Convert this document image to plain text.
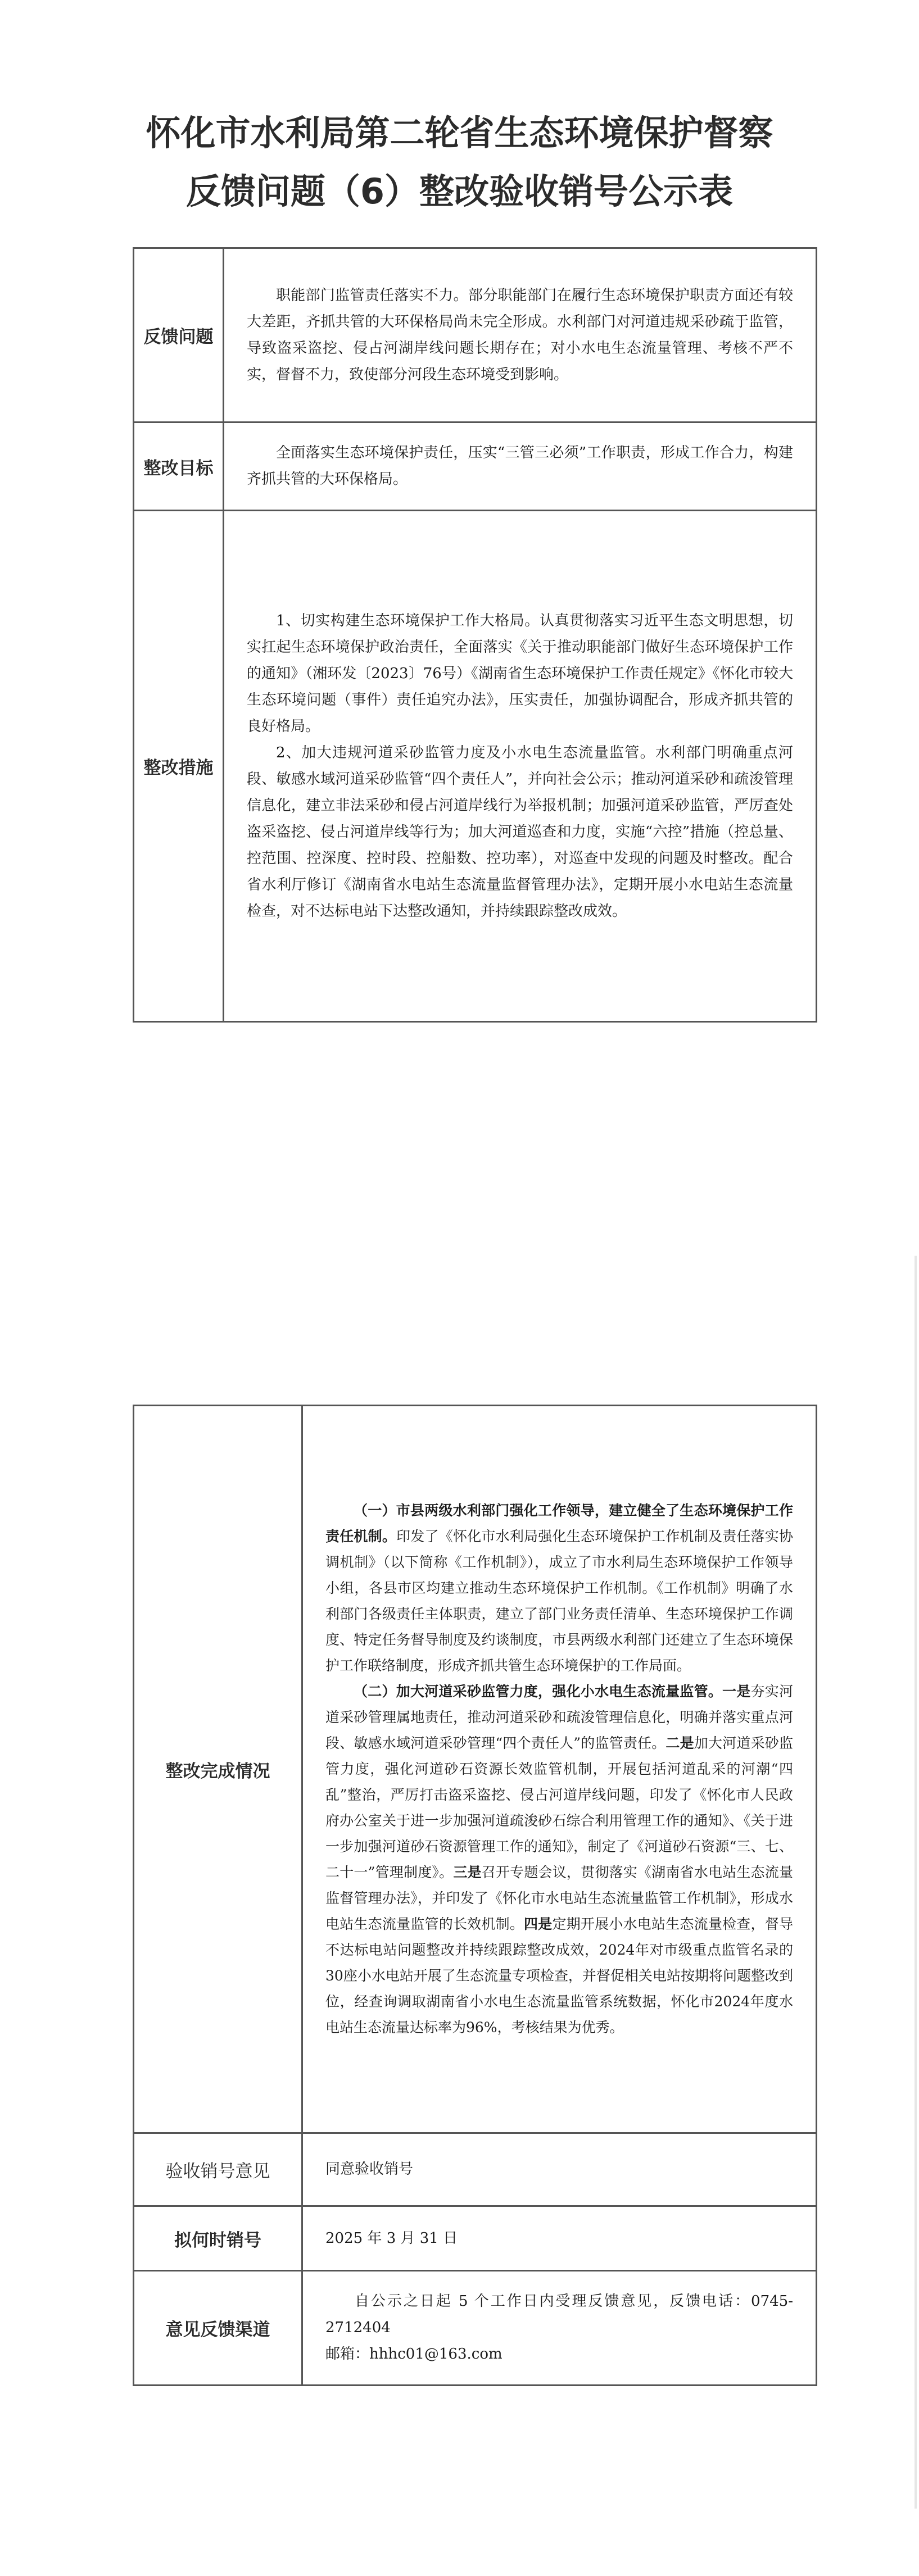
怀化市水利局第二轮省生态环境保护督察
反馈问题（6）整改验收销号公示表
反馈问题	职能部门监管责任落实不力。部分职能部门在履行生态环境保护职责方面还有较大差距，齐抓共管的大环保格局尚未完全形成。水利部门对河道违规采砂疏于监管，导致盗采盗挖、侵占河湖岸线问题长期存在；对小水电生态流量管理、考核不严不实，督督不力，致使部分河段生态环境受到影响。

整改目标	全面落实生态环境保护责任，压实“三管三必须”工作职责，形成工作合力，构建齐抓共管的大环保格局。

整改措施	1、切实构建生态环境保护工作大格局。认真贯彻落实习近平生态文明思想，切实扛起生态环境保护政治责任，全面落实《关于推动职能部门做好生态环境保护工作的通知》（湘环发〔2023〕76号）《湖南省生态环境保护工作责任规定》《怀化市较大生态环境问题（事件）责任追究办法》，压实责任，加强协调配合，形成齐抓共管的良好格局。

2、加大违规河道采砂监管力度及小水电生态流量监管。水利部门明确重点河段、敏感水域河道采砂监管“四个责任人”，并向社会公示；推动河道采砂和疏浚管理信息化，建立非法采砂和侵占河道岸线行为举报机制；加强河道采砂监管，严厉查处盗采盗挖、侵占河道岸线等行为；加大河道巡查和力度，实施“六控”措施（控总量、控范围、控深度、控时段、控船数、控功率），对巡查中发现的问题及时整改。配合省水利厅修订《湖南省水电站生态流量监督管理办法》，定期开展小水电站生态流量检查，对不达标电站下达整改通知，并持续跟踪整改成效。

整改完成情况	（一）市县两级水利部门强化工作领导，建立健全了生态环境保护工作责任机制。印发了《怀化市水利局强化生态环境保护工作机制及责任落实协调机制》（以下简称《工作机制》），成立了市水利局生态环境保护工作领导小组，各县市区均建立推动生态环境保护工作机制。《工作机制》明确了水利部门各级责任主体职责，建立了部门业务责任清单、生态环境保护工作调度、特定任务督导制度及约谈制度，市县两级水利部门还建立了生态环境保护工作联络制度，形成齐抓共管生态环境保护的工作局面。

（二）加大河道采砂监管力度，强化小水电生态流量监管。一是夯实河道采砂管理属地责任，推动河道采砂和疏浚管理信息化，明确并落实重点河段、敏感水域河道采砂管理“四个责任人”的监管责任。二是加大河道采砂监管力度，强化河道砂石资源长效监管机制，开展包括河道乱采的河潮“四乱”整治，严厉打击盗采盗挖、侵占河道岸线问题，印发了《怀化市人民政府办公室关于进一步加强河道疏浚砂石综合利用管理工作的通知》、《关于进一步加强河道砂石资源管理工作的通知》，制定了《河道砂石资源“三、七、二十一”管理制度》。三是召开专题会议，贯彻落实《湖南省水电站生态流量监督管理办法》，并印发了《怀化市水电站生态流量监管工作机制》，形成水电站生态流量监管的长效机制。四是定期开展小水电站生态流量检查，督导不达标电站问题整改并持续跟踪整改成效，2024年对市级重点监管名录的30座小水电站开展了生态流量专项检查，并督促相关电站按期将问题整改到位，经查询调取湖南省小水电生态流量监管系统数据，怀化市2024年度水电站生态流量达标率为96%，考核结果为优秀。

验收销号意见	同意验收销号

拟何时销号	2025 年 3 月 31 日

意见反馈渠道	自公示之日起 5 个工作日内受理反馈意见，反馈电话：0745-2712404

邮箱：hhhc01@163.com
